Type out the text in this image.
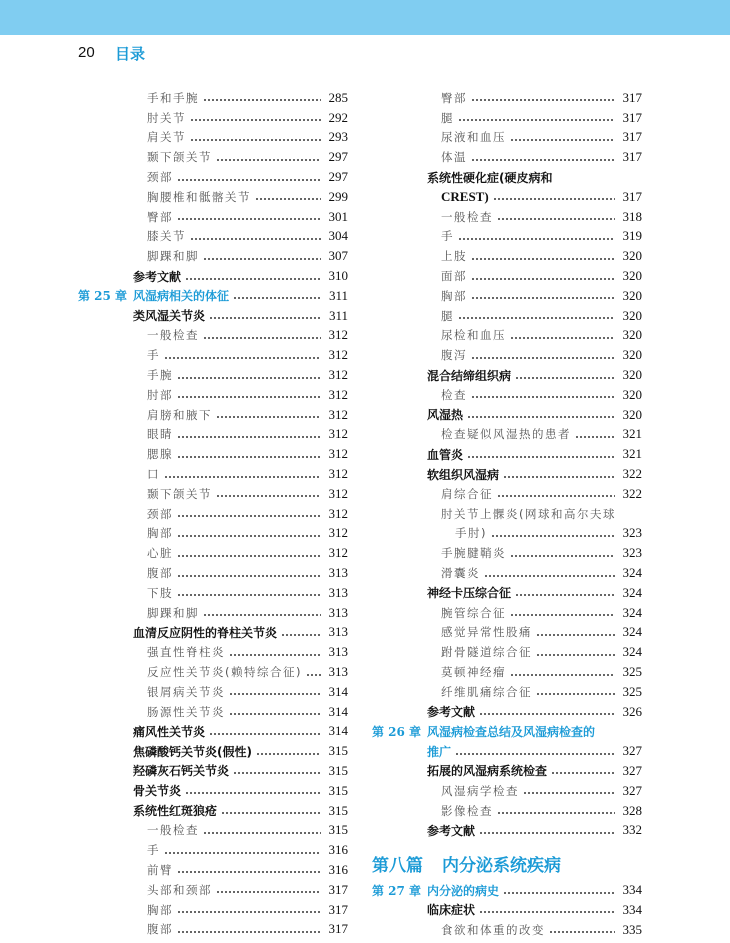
20 目录
手和手腕	285
肘关节	292
肩关节	293
颞下颌关节	297
颈部	297
胸腰椎和骶髂关节	299
臀部	301
膝关节	304
脚踝和脚	307
参考文献	310
第 25 章 风湿病相关的体征	311
类风湿关节炎	311
一般检查	312
手	312
手腕	312
肘部	312
肩膀和腋下	312
眼睛	312
腮腺	312
口	312
颞下颌关节	312
颈部	312
胸部	312
心脏	312
腹部	313
下肢	313
脚踝和脚	313
血清反应阴性的脊柱关节炎	313
强直性脊柱炎	313
反应性关节炎(赖特综合征) 313
银屑病关节炎	314
肠源性关节炎	314
痛风性关节炎	314
焦磷酸钙关节炎(假性)	315
羟磷灰石钙关节炎	315
骨关节炎	315
系统性红斑狼疮	315
一般检查	315
手	316
前臂	316
头部和颈部	317
胸部	317
腹部	317
臀部	317
腿	317
尿液和血压	317
体温	317
系统性硬化症(硬皮病和
CREST)	317
一般检查	318
手	319
上肢	320
面部	320
胸部	320
腿	320
尿检和血压	320
腹泻	320
混合结缔组织病	320
检查	320
风湿热	320
检查疑似风湿热的患者	321
血管炎	321
软组织风湿病	322
肩综合征	322
肘关节上髁炎(网球和高尔夫球
手肘)	323
手腕腱鞘炎	323
滑囊炎	324
神经卡压综合征	324
腕管综合征	324
感觉异常性股痛	324
跗骨隧道综合征	324
莫顿神经瘤	325
纤维肌痛综合征	325
参考文献	326
第 26 章 风湿病检查总结及风湿病检查的
推广	327
拓展的风湿病系统检查	327
风湿病学检查	327
影像检查	328
参考文献	332
第八篇	内分泌系统疾病
第 27 章 内分泌的病史	334
临床症状	334
食欲和体重的改变	335
